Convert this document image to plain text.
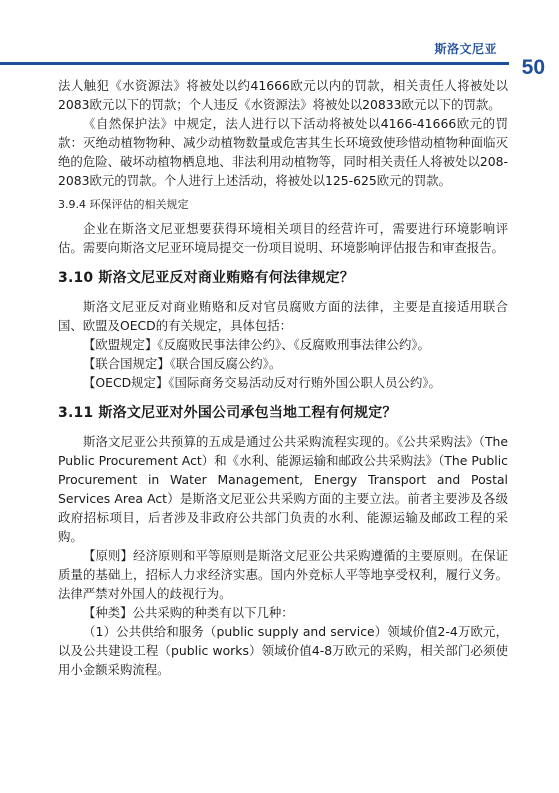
斯洛文尼亚
50

法人触犯《水资源法》将被处以约41666欧元以内的罚款，相关责任人将被处以2083欧元以下的罚款；个人违反《水资源法》将被处以20833欧元以下的罚款。

《自然保护法》中规定，法人进行以下活动将被处以4166-41666欧元的罚款：灭绝动植物物种、减少动植物数量或危害其生长环境致使珍惜动植物种面临灭绝的危险、破坏动植物栖息地、非法利用动植物等，同时相关责任人将被处以208-2083欧元的罚款。个人进行上述活动，将被处以125-625欧元的罚款。

3.9.4 环保评估的相关规定

企业在斯洛文尼亚想要获得环境相关项目的经营许可，需要进行环境影响评估。需要向斯洛文尼亚环境局提交一份项目说明、环境影响评估报告和审查报告。

3.10 斯洛文尼亚反对商业贿赂有何法律规定？

斯洛文尼亚反对商业贿赂和反对官员腐败方面的法律，主要是直接适用联合国、欧盟及OECD的有关规定，具体包括：

【欧盟规定】《反腐败民事法律公约》、《反腐败刑事法律公约》。

【联合国规定】《联合国反腐公约》。

【OECD规定】《国际商务交易活动反对行贿外国公职人员公约》。

3.11 斯洛文尼亚对外国公司承包当地工程有何规定？

斯洛文尼亚公共预算的五成是通过公共采购流程实现的。《公共采购法》（The Public Procurement Act）和《水利、能源运输和邮政公共采购法》（The Public Procurement in Water Management, Energy Transport and Postal Services Area Act）是斯洛文尼亚公共采购方面的主要立法。前者主要涉及各级政府招标项目，后者涉及非政府公共部门负责的水利、能源运输及邮政工程的采购。

【原则】经济原则和平等原则是斯洛文尼亚公共采购遵循的主要原则。在保证质量的基础上，招标人力求经济实惠。国内外竞标人平等地享受权利，履行义务。法律严禁对外国人的歧视行为。

【种类】公共采购的种类有以下几种：

（1）公共供给和服务（public supply and service）领域价值2-4万欧元，以及公共建设工程（public works）领域价值4-8万欧元的采购，相关部门必须使用小金额采购流程。
